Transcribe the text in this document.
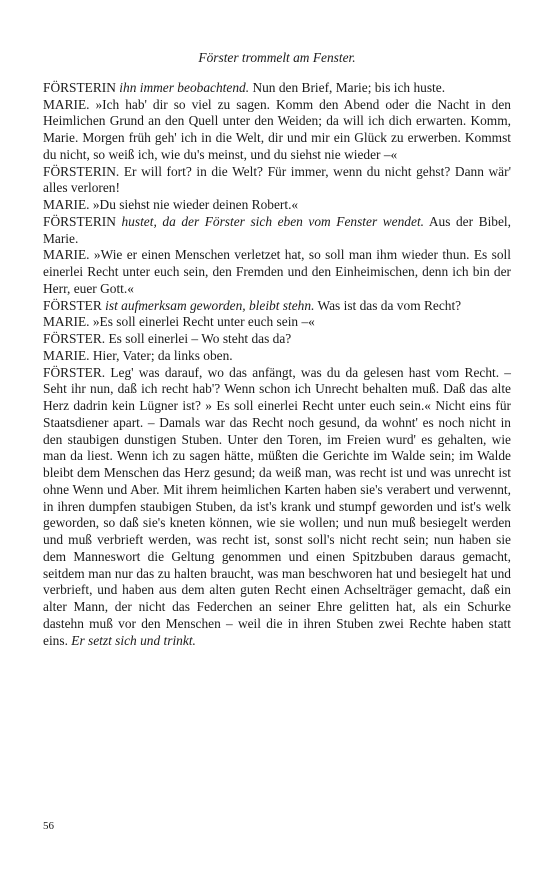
Förster trommelt am Fenster.

FÖRSTERIN ihn immer beobachtend. Nun den Brief, Marie; bis ich huste.

MARIE. »Ich hab' dir so viel zu sagen. Komm den Abend oder die Nacht in den Heimlichen Grund an den Quell unter den Weiden; da will ich dich erwarten. Komm, Marie. Morgen früh geh' ich in die Welt, dir und mir ein Glück zu erwerben. Kommst du nicht, so weiß ich, wie du's meinst, und du siehst nie wieder –«

FÖRSTERIN. Er will fort? in die Welt? Für immer, wenn du nicht gehst? Dann wär' alles verloren!

MARIE. »Du siehst nie wieder deinen Robert.«

FÖRSTERIN hustet, da der Förster sich eben vom Fenster wendet. Aus der Bibel, Marie.

MARIE. »Wie er einen Menschen verletzet hat, so soll man ihm wieder thun. Es soll einerlei Recht unter euch sein, den Fremden und den Einheimischen, denn ich bin der Herr, euer Gott.«

FÖRSTER ist aufmerksam geworden, bleibt stehn. Was ist das da vom Recht?

MARIE. »Es soll einerlei Recht unter euch sein –«

FÖRSTER. Es soll einerlei – Wo steht das da?

MARIE. Hier, Vater; da links oben.

FÖRSTER. Leg' was darauf, wo das anfängt, was du da gelesen hast vom Recht. – Seht ihr nun, daß ich recht hab'? Wenn schon ich Unrecht behalten muß. Daß das alte Herz dadrin kein Lügner ist? » Es soll einerlei Recht unter euch sein.« Nicht eins für Staatsdiener apart. – Damals war das Recht noch gesund, da wohnt' es noch nicht in den staubigen dunstigen Stuben. Unter den Toren, im Freien wurd' es gehalten, wie man da liest. Wenn ich zu sagen hätte, müßten die Gerichte im Walde sein; im Walde bleibt dem Menschen das Herz gesund; da weiß man, was recht ist und was unrecht ist ohne Wenn und Aber. Mit ihrem heimlichen Karten haben sie's verabert und verwennt, in ihren dumpfen staubigen Stuben, da ist's krank und stumpf geworden und ist's welk geworden, so daß sie's kneten können, wie sie wollen; und nun muß besiegelt werden und muß verbrieft werden, was recht ist, sonst soll's nicht recht sein; nun haben sie dem Manneswort die Geltung genommen und einen Spitzbuben daraus gemacht, seitdem man nur das zu halten braucht, was man beschworen hat und besiegelt hat und verbrieft, und haben aus dem alten guten Recht einen Achselträger gemacht, daß ein alter Mann, der nicht das Federchen an seiner Ehre gelitten hat, als ein Schurke dastehn muß vor den Menschen – weil die in ihren Stuben zwei Rechte haben statt eins. Er setzt sich und trinkt.

56
